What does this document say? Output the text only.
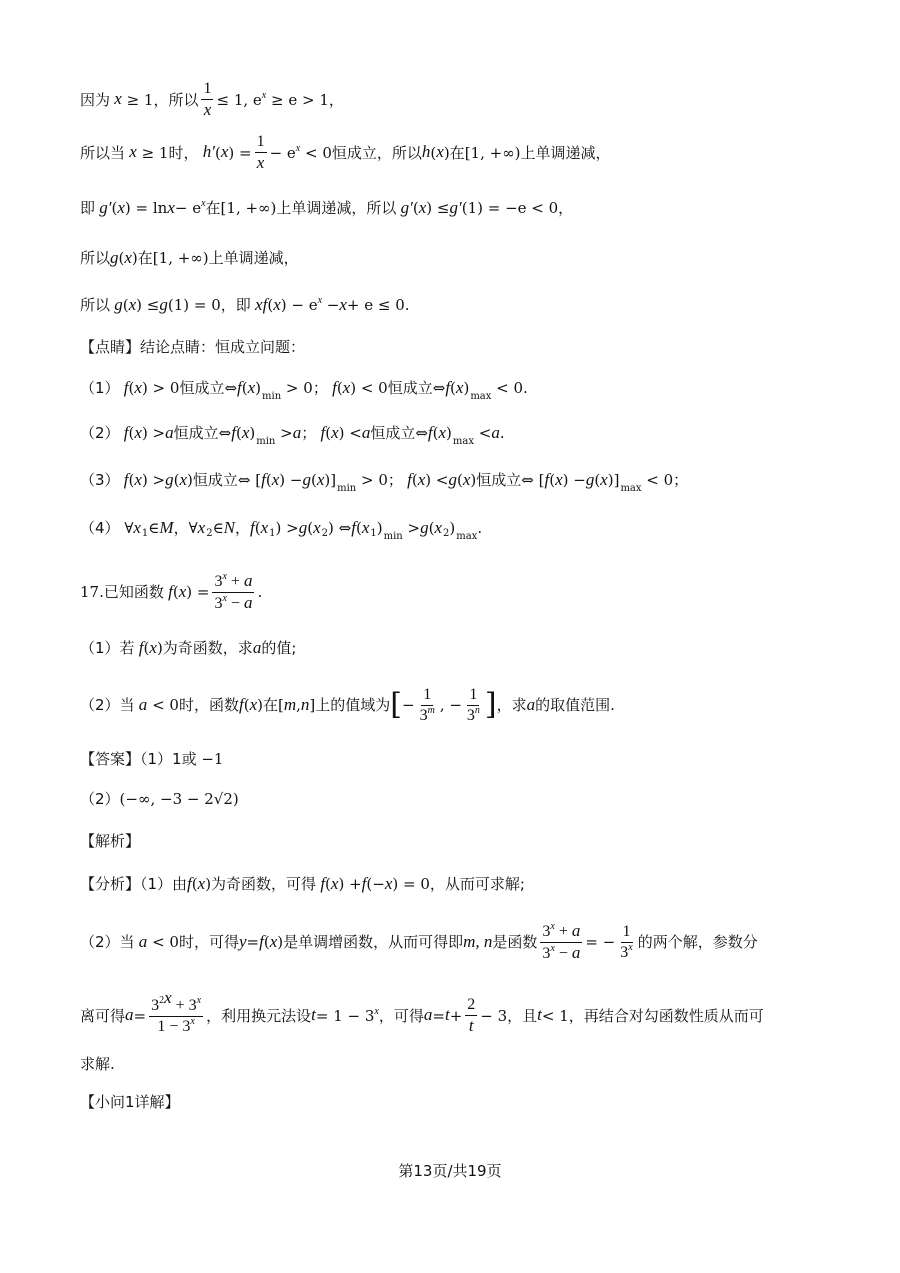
因为 x ≥ 1， 所以 $\frac{1}{x} \le 1$, $e^x \ge e > 1$，
所以当 x ≥ 1 时， h′ ( x ) = $\frac{1}{x} - e^x < 0$ 恒成立，所以 h ( x ) 在 [1, +∞) 上单调递减，
即 g′ ( x ) = $\ln x - e^x$ 在 [1, +∞) 上单调递减，所以 g′ ( x ) ≤ g′ (1) = −e < 0，
所以 g ( x ) 在 [1, +∞) 上单调递减，
所以 g ( x ) ≤ g (1) = 0 ，即 xf ( x ) − $e^x - x + e \le 0$.
【点睛】结论点睛：恒成立问题：
（1） f ( x ) > 0 恒成立 ⇔ f ( x )$_{min} > 0$ ； f ( x ) < 0 恒成立 ⇔ f ( x )$_{max} < 0$.
（2） f ( x ) > a 恒成立 ⇔ f ( x )$_{min} > a$ ； f ( x ) < a 恒成立 ⇔ f ( x )$_{max} < a$ .
（3） f ( x ) > g ( x ) 恒成立 ⇔ [ f ( x ) − g ( x )]$_{min} > 0$ ； f ( x ) < g ( x ) 恒成立 ⇔ [ f ( x ) − g ( x )]$_{max} < 0$；
（4） ∀ x 1 ∈ M ，∀ x 2 ∈ N ， f ( x 1 ) > g ( x 2 ) ⇔ f ( x 1 )$_{min} > g$ ( x 2 )$_{max}$.
17. 已知函数 f ( x ) = $\frac{3^x + a}{3^x - a}$ .
（1）若 f ( x ) 为奇函数，求 a 的值;
（2）当 a < 0 时，函数 f ( x ) 在 [ m , n ] 上的值域为 [ − $\frac{1}{3^m}$ , − $\frac{1}{3^n}$ ] ，求 a 的取值范围.
【答案】（1）1或 −1
（2） (−∞, −3 − 2√2)
【解析】
【分析】（1）由 f ( x ) 为奇函数，可得 f ( x ) + f (− x ) = 0 ，从而可求解;
（2）当 a < 0 时，可得 y = f ( x ) 是单调增函数，从而可得即 m, n 是函数 $\frac{3^x + a}{3^x - a}$ = − $\frac{1}{3^x}$ 的两个解，参数分
离可得 $a = \frac{3^{2x} + 3^x}{1 - 3^x}$ ，利用换元法设 $t = 1 - 3^x$ ，可得 $a = t + \frac{2}{t} - 3$ ，且 t < 1 ，再结合对勾函数性质从而可
求解.
【小问1详解】
第13页/共19页
